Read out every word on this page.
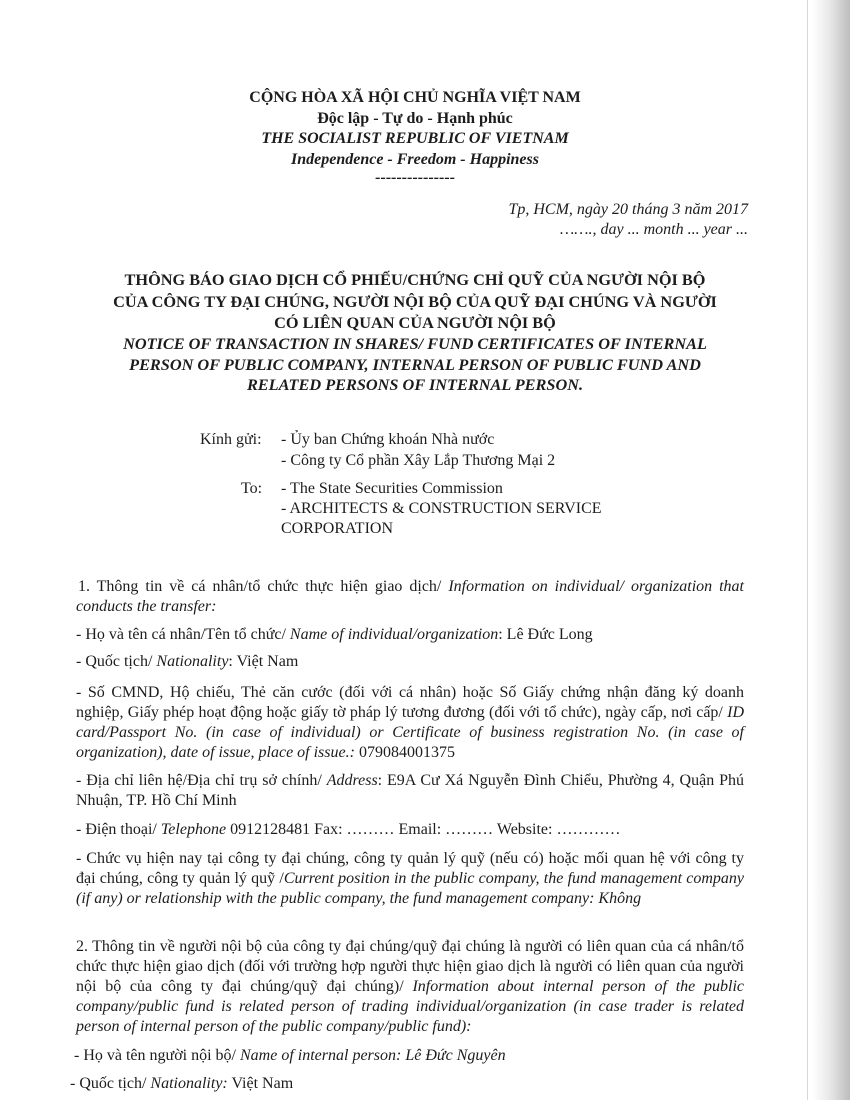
CỘNG HÒA XÃ HỘI CHỦ NGHĨA VIỆT NAM
Độc lập - Tự do - Hạnh phúc
THE SOCIALIST REPUBLIC OF VIETNAM
Independence - Freedom - Happiness
---------------
Tp, HCM, ngày 20 tháng 3 năm 2017
……., day ... month ... year ...
THÔNG BÁO GIAO DỊCH CỔ PHIẾU/CHỨNG CHỈ QUỸ CỦA NGƯỜI NỘI BỘ
CỦA CÔNG TY ĐẠI CHÚNG, NGƯỜI NỘI BỘ CỦA QUỸ ĐẠI CHÚNG VÀ NGƯỜI
CÓ LIÊN QUAN CỦA NGƯỜI NỘI BỘ
NOTICE OF TRANSACTION IN SHARES/ FUND CERTIFICATES OF INTERNAL
PERSON OF PUBLIC COMPANY, INTERNAL PERSON OF PUBLIC FUND AND
RELATED PERSONS OF INTERNAL PERSON.
Kính gửi: - Ủy ban Chứng khoán Nhà nước
- Công ty Cổ phần Xây Lắp Thương Mại 2
To: - The State Securities Commission
- ARCHITECTS & CONSTRUCTION SERVICE
CORPORATION
1. Thông tin về cá nhân/tổ chức thực hiện giao dịch/ Information on individual/ organization that conducts the transfer:
- Họ và tên cá nhân/Tên tổ chức/ Name of individual/organization: Lê Đức Long
- Quốc tịch/ Nationality: Việt Nam
- Số CMND, Hộ chiếu, Thẻ căn cước (đối với cá nhân) hoặc Số Giấy chứng nhận đăng ký doanh nghiệp, Giấy phép hoạt động hoặc giấy tờ pháp lý tương đương (đối với tổ chức), ngày cấp, nơi cấp/ ID card/Passport No. (in case of individual) or Certificate of business registration No. (in case of organization), date of issue, place of issue.: 079084001375
- Địa chỉ liên hệ/Địa chỉ trụ sở chính/ Address: E9A Cư Xá Nguyễn Đình Chiểu, Phường 4, Quận Phú Nhuận, TP. Hồ Chí Minh
- Điện thoại/ Telephone 0912128481 Fax: ……… Email: ……… Website: …………
- Chức vụ hiện nay tại công ty đại chúng, công ty quản lý quỹ (nếu có) hoặc mối quan hệ với công ty đại chúng, công ty quản lý quỹ /Current position in the public company, the fund management company (if any) or relationship with the public company, the fund management company: Không
2. Thông tin về người nội bộ của công ty đại chúng/quỹ đại chúng là người có liên quan của cá nhân/tổ chức thực hiện giao dịch (đối với trường hợp người thực hiện giao dịch là người có liên quan của người nội bộ của công ty đại chúng/quỹ đại chúng)/ Information about internal person of the public company/public fund is related person of trading individual/organization (in case trader is related person of internal person of the public company/public fund):
- Họ và tên người nội bộ/ Name of internal person: Lê Đức Nguyên
- Quốc tịch/ Nationality: Việt Nam
